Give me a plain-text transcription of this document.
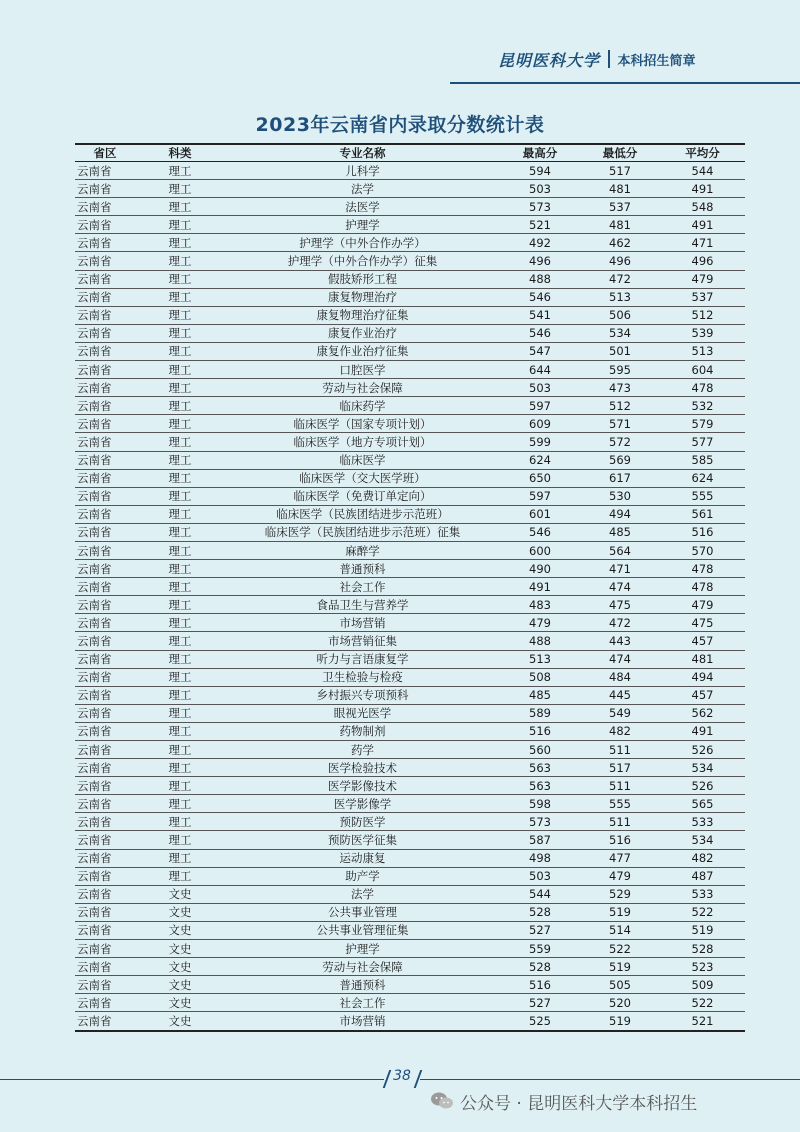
昆明医科大学 本科招生简章
2023年云南省内录取分数统计表
省区	科类	专业名称	最高分	最低分	平均分
云南省	理工	儿科学	594	517	544
云南省	理工	法学	503	481	491
云南省	理工	法医学	573	537	548
云南省	理工	护理学	521	481	491
云南省	理工	护理学（中外合作办学）	492	462	471
云南省	理工	护理学（中外合作办学）征集	496	496	496
云南省	理工	假肢矫形工程	488	472	479
云南省	理工	康复物理治疗	546	513	537
云南省	理工	康复物理治疗征集	541	506	512
云南省	理工	康复作业治疗	546	534	539
云南省	理工	康复作业治疗征集	547	501	513
云南省	理工	口腔医学	644	595	604
云南省	理工	劳动与社会保障	503	473	478
云南省	理工	临床药学	597	512	532
云南省	理工	临床医学（国家专项计划）	609	571	579
云南省	理工	临床医学（地方专项计划）	599	572	577
云南省	理工	临床医学	624	569	585
云南省	理工	临床医学（交大医学班）	650	617	624
云南省	理工	临床医学（免费订单定向）	597	530	555
云南省	理工	临床医学（民族团结进步示范班）	601	494	561
云南省	理工	临床医学（民族团结进步示范班）征集	546	485	516
云南省	理工	麻醉学	600	564	570
云南省	理工	普通预科	490	471	478
云南省	理工	社会工作	491	474	478
云南省	理工	食品卫生与营养学	483	475	479
云南省	理工	市场营销	479	472	475
云南省	理工	市场营销征集	488	443	457
云南省	理工	听力与言语康复学	513	474	481
云南省	理工	卫生检验与检疫	508	484	494
云南省	理工	乡村振兴专项预科	485	445	457
云南省	理工	眼视光医学	589	549	562
云南省	理工	药物制剂	516	482	491
云南省	理工	药学	560	511	526
云南省	理工	医学检验技术	563	517	534
云南省	理工	医学影像技术	563	511	526
云南省	理工	医学影像学	598	555	565
云南省	理工	预防医学	573	511	533
云南省	理工	预防医学征集	587	516	534
云南省	理工	运动康复	498	477	482
云南省	理工	助产学	503	479	487
云南省	文史	法学	544	529	533
云南省	文史	公共事业管理	528	519	522
云南省	文史	公共事业管理征集	527	514	519
云南省	文史	护理学	559	522	528
云南省	文史	劳动与社会保障	528	519	523
云南省	文史	普通预科	516	505	509
云南省	文史	社会工作	527	520	522
云南省	文史	市场营销	525	519	521
38
公众号 · 昆明医科大学本科招生
